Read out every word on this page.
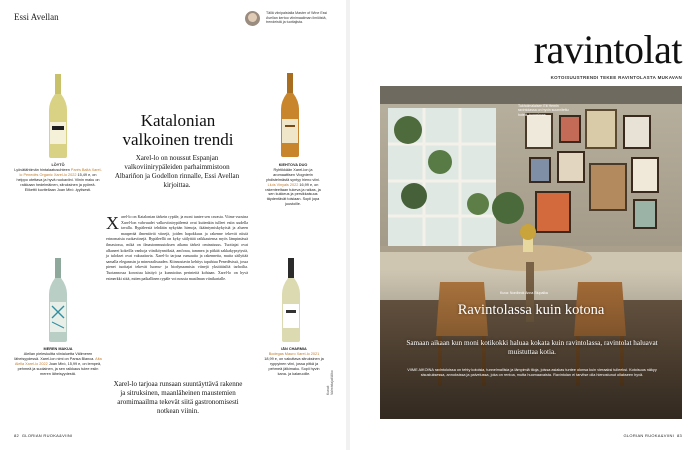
Essi Avellan	Tällä viinipalstalla Master of Wine Essi Avellan kertoo viinimaailman ilmiöistä, trendeistä ja tuottajista.
LÖYTÖ
Lyövätähtimän hintalaatusuhteen Parés Baltà Xarel-lo Penedès Organic Xarel-lo 2022 15,49 e, on helppo otettava ja hyvä ruokaviini. Viinin maku on raikkaan hedelmäinen, sitruksinen ja pyöreä. Elikettii kuvitellaan Joan Miró -tyylisesti.
KIEHTOVA DUO
Ryhtikkään Xarel-lon ja aromaattisen Viognierin yhdistelmästä syntyy hieno viini. Lluís Vinyals 2022 16,99 e, on rakenteeltaan tukeva ja raikas, ja sen kukkeus ja persikkaisuus täydentävät toisiaan. Sopii jopa juustoille.
MEREN MAKUA
Alellan pieleskultta viinialuetta Välimeren läheisyydessä. Xarel-lon nimi on Pansa Blanca. Alta Alella Xarel-lo 2022 Joan Miró, 15,99 e, on lempeä, pehmeä ja suolainen, ja sen raikkaus tulee esiin meren läheisyydestä.
IÄN CHARMIA
Bodegas Mauro Xarel-lo 2021 18,99 e, on vakuttava sitruksinen ja ryppyinen viini, jossa pitkä ja pehmeä jälkimaku. Sopii hyvin kana- ja kalaruoille.
Katalonian valkoinen trendi
Xarel-lo on noussut Espanjan valkoviinirypäleiden parhaimmistoon Albariñon ja Godellon rinnalle, Essi Avellan kirjoittaa.
Xarel-lo on Katalonian tärkein rypäle, ja moni tuntee sen cavasta. Viime vuosina Xarel-lon vahvuudet valkoviinirypäleenä ovat kuitenkin tulleet esiin uudella tavalla. Rypäleestä tehdään nykyään hienoja, ikääntymiskykyisiä ja alueen maaperää ilmentäviä viinejä, joiden hapokkuus ja rakenne tekevät niistä erinomaisia ruokaviinejä. Rypäleellä on kyky säilyttää raikkautensa myös lämpimässä ilmastossa, mikä on ilmastonmuutoksen aikana tärkeä ominaisuus. Tuottajat ovat alkaneet kokeilla vanhoja viiniköynnöksiä, amforaa, tammea ja pitkää sakkakypsytystä, ja tulokset ovat vakuuttavia. Xarel-lo tarjoaa runsautta ja rakennetta, mutta säilyttää samalla eleganssin ja mineraalisuuden. Kiinnostavin kehitys tapahtuu Penedèsissä, jossa pienet tuottajat tekevät luomu- ja biodynaamisia viinejä yksittäisiltä tarhoilta. Tuotannossa korostuu käsityö ja kunnioitus perinteitä kohtaan. Xarel-lo on hyvä esimerkki siitä, miten paikallinen rypäle voi nousta maailman viinikartalle.
Xarel-lo tarjoaa runsaan suuntäyttävä rakenne ja sitruksinen, maanläheinen maustemien aromimaailma tekevät siitä gastronomisesti notkean viinin.
Kuvat: Valmistajat/Alko
82 GLORIAN RUOKA&VIINI
ravintolat
KOTOISUUSTRENDI TEKEE RAVINTOLASTA MUKAVAN
Tukholmalaisen Ett Hemin ravintolassa on hyvin suunniteltu hotelli -tunnelmaa.
Kuva: Nordbrok Anna Stupalka
Ravintolassa kuin kotona
Samaan aikaan kun moni kotikokki haluaa kokata kuin ravintolassa, ravintolat haluavat muistuttaa kotia.
VIIME AIKOINA ravintoloissa on tehty kotoisia, tunnelmallisia ja lämpimiä tiloja, joissa asiakas tuntee olonsa kuin vieraaksi tulleeksi. Kotoisuus näkyy sisustuksessa, annoksissa ja palvelussa, joka on rentoa, mutta huomaavaista. Ravintolan ei tarvitse olla hienostunut ollakseen hyvä.
GLORIAN RUOKA&VIINI 83
